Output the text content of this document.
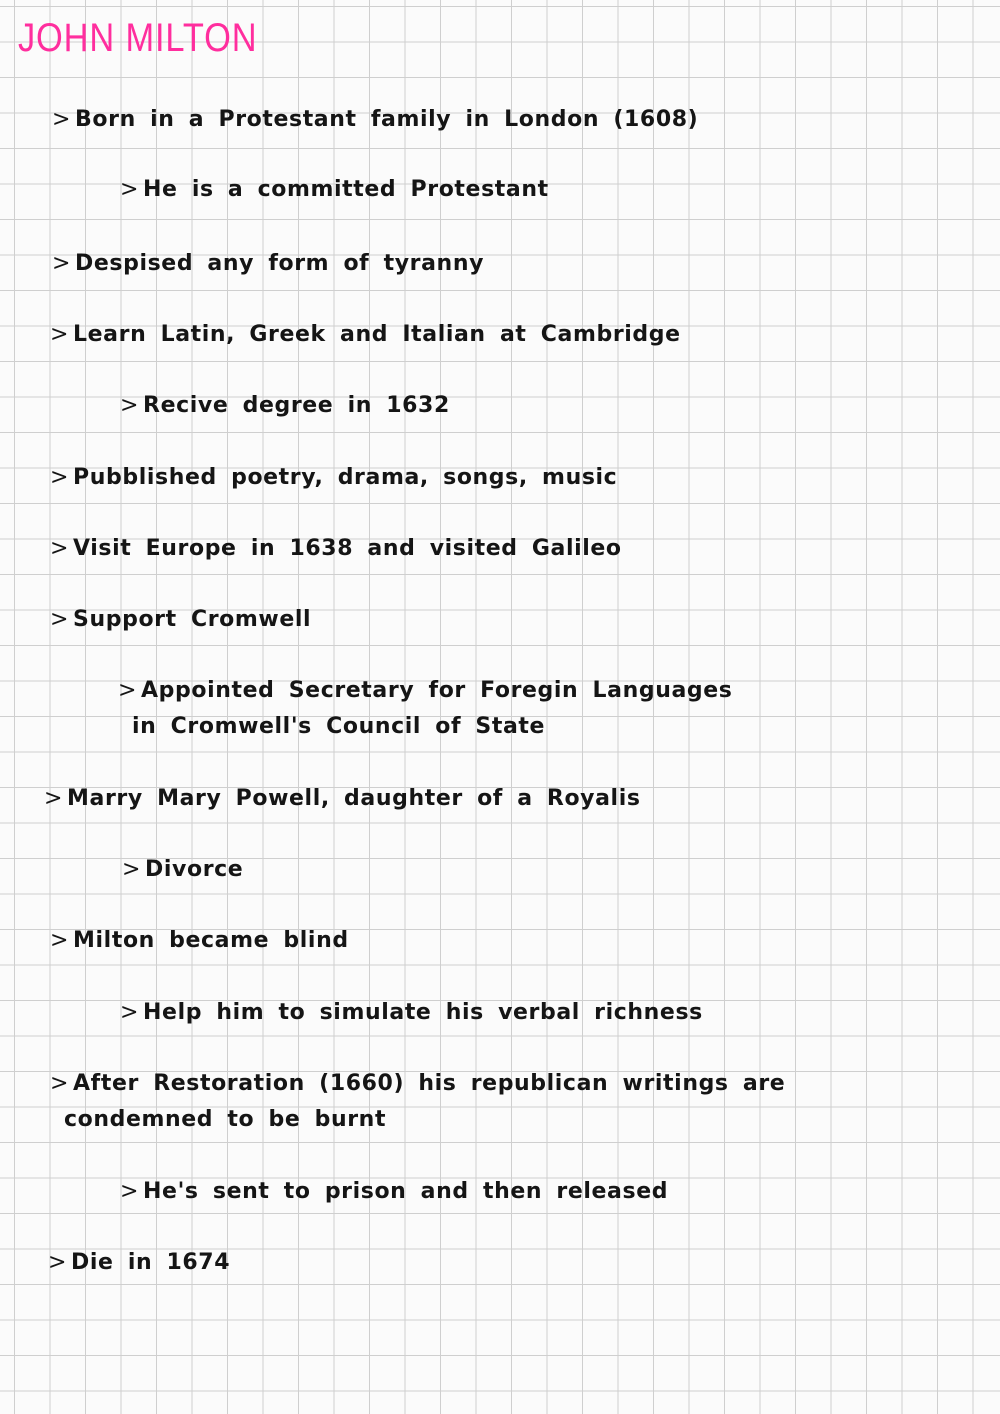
JOHN MILTON
> Born in a Protestant family in London (1608)
> He is a committed Protestant
> Despised any form of tyranny
> Learn Latin, Greek and Italian at Cambridge
> Recive degree in 1632
> Pubblished poetry, drama, songs, music
> Visit Europe in 1638 and visited Galileo
> Support Cromwell
> Appointed Secretary for Foregin Languages
in Cromwell's Council of State
> Marry Mary Powell, daughter of a Royalis
> Divorce
> Milton became blind
> Help him to simulate his verbal richness
> After Restoration (1660) his republican writings are
condemned to be burnt
> He's sent to prison and then released
> Die in 1674
